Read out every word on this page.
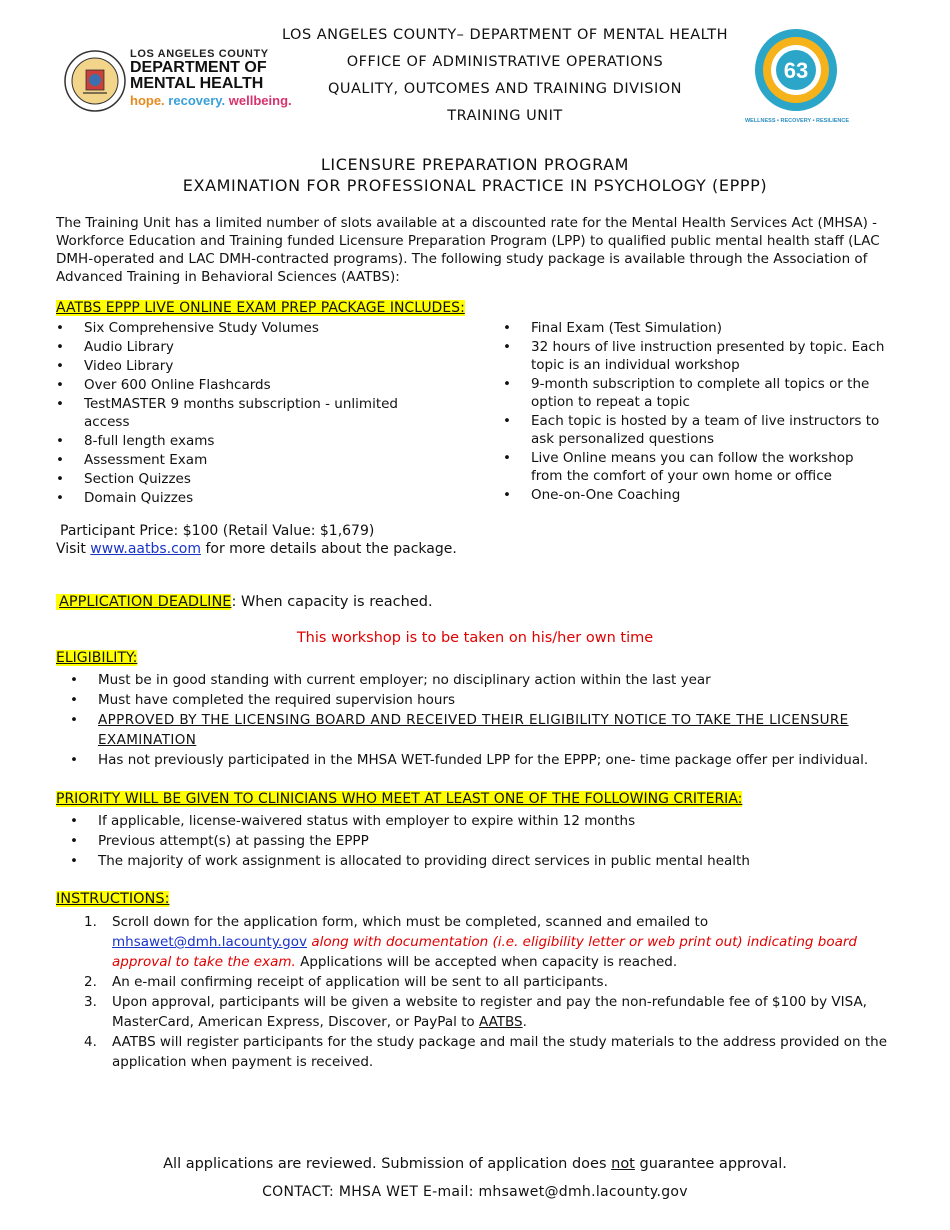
LOS ANGELES COUNTY
DEPARTMENT OF
MENTAL HEALTH
hope. recovery. wellbeing.
LOS ANGELES COUNTY– DEPARTMENT OF MENTAL HEALTH
OFFICE OF ADMINISTRATIVE OPERATIONS
QUALITY, OUTCOMES AND TRAINING DIVISION
TRAINING UNIT
63
WELLNESS • RECOVERY • RESILIENCE
LICENSURE PREPARATION PROGRAM
EXAMINATION FOR PROFESSIONAL PRACTICE IN PSYCHOLOGY (EPPP)
The Training Unit has a limited number of slots available at a discounted rate for the Mental Health Services Act (MHSA) - Workforce Education and Training funded Licensure Preparation Program (LPP) to qualified public mental health staff (LAC DMH-operated and LAC DMH-contracted programs). The following study package is available through the Association of Advanced Training in Behavioral Sciences (AATBS):
AATBS EPPP LIVE ONLINE EXAM PREP PACKAGE INCLUDES:
• Six Comprehensive Study Volumes
• Audio Library
• Video Library
• Over 600 Online Flashcards
• TestMASTER 9 months subscription - unlimited access
• 8-full length exams
• Assessment Exam
• Section Quizzes
• Domain Quizzes
• Final Exam (Test Simulation)
• 32 hours of live instruction presented by topic. Each topic is an individual workshop
• 9-month subscription to complete all topics or the option to repeat a topic
• Each topic is hosted by a team of live instructors to ask personalized questions
• Live Online means you can follow the workshop from the comfort of your own home or office
• One-on-One Coaching
Participant Price: $100 (Retail Value: $1,679)
Visit www.aatbs.com for more details about the package.
APPLICATION DEADLINE: When capacity is reached.
This workshop is to be taken on his/her own time
ELIGIBILITY:
• Must be in good standing with current employer; no disciplinary action within the last year
• Must have completed the required supervision hours
• APPROVED BY THE LICENSING BOARD AND RECEIVED THEIR ELIGIBILITY NOTICE TO TAKE THE LICENSURE EXAMINATION
• Has not previously participated in the MHSA WET-funded LPP for the EPPP; one- time package offer per individual.
PRIORITY WILL BE GIVEN TO CLINICIANS WHO MEET AT LEAST ONE OF THE FOLLOWING CRITERIA:
• If applicable, license-waivered status with employer to expire within 12 months
• Previous attempt(s) at passing the EPPP
• The majority of work assignment is allocated to providing direct services in public mental health
INSTRUCTIONS:
1. Scroll down for the application form, which must be completed, scanned and emailed to
mhsawet@dmh.lacounty.gov along with documentation (i.e. eligibility letter or web print out) indicating board approval to take the exam. Applications will be accepted when capacity is reached.
2. An e-mail confirming receipt of application will be sent to all participants.
3. Upon approval, participants will be given a website to register and pay the non-refundable fee of $100 by VISA, MasterCard, American Express, Discover, or PayPal to AATBS.
4. AATBS will register participants for the study package and mail the study materials to the address provided on the application when payment is received.
All applications are reviewed. Submission of application does not guarantee approval.
CONTACT: MHSA WET E-mail: mhsawet@dmh.lacounty.gov
